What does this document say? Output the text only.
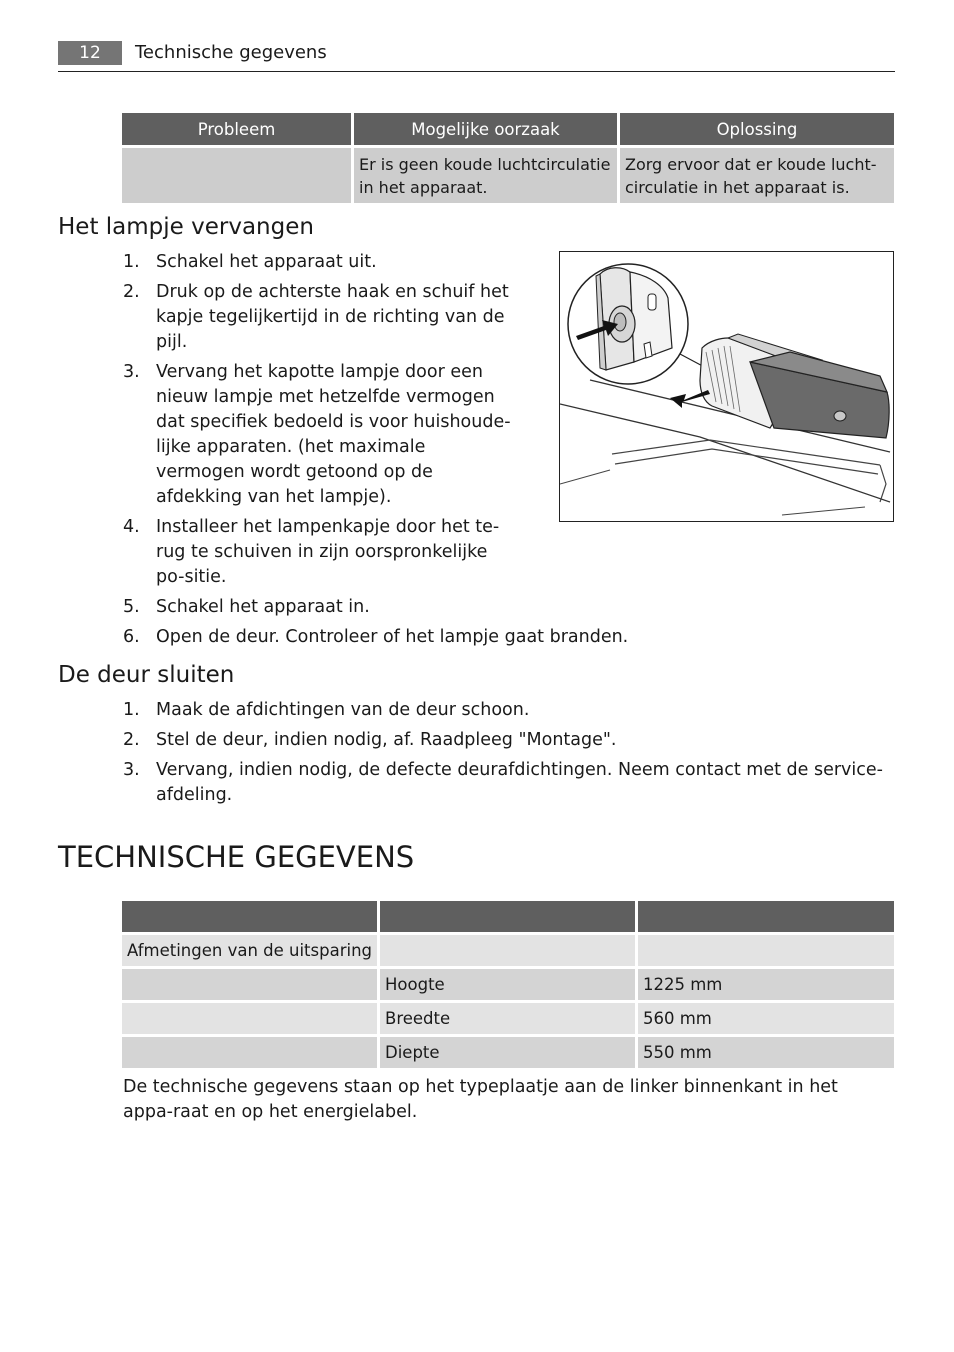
12	Technische gegevens
Probleem	Mogelijke oorzaak	Oplossing
	Er is geen koude luchtcirculatie in het apparaat.	Zorg ervoor dat er koude lucht-circulatie in het apparaat is.
Het lampje vervangen
1. Schakel het apparaat uit.
2. Druk op de achterste haak en schuif het kapje tegelijkertijd in de richting van de pijl.
3. Vervang het kapotte lampje door een nieuw lampje met hetzelfde vermogen dat specifiek bedoeld is voor huishoude-lijke apparaten. (het maximale vermogen wordt getoond op de afdekking van het lampje).
4. Installeer het lampenkapje door het te-rug te schuiven in zijn oorspronkelijke po-sitie.
5. Schakel het apparaat in.
6. Open de deur. Controleer of het lampje gaat branden.
De deur sluiten
1. Maak de afdichtingen van de deur schoon.
2. Stel de deur, indien nodig, af. Raadpleeg "Montage".
3. Vervang, indien nodig, de defecte deurafdichtingen. Neem contact met de service-afdeling.
TECHNISCHE GEGEVENS

Afmetingen van de uitsparing		
	Hoogte	1225 mm
	Breedte	560 mm
	Diepte	550 mm
De technische gegevens staan op het typeplaatje aan de linker binnenkant in het appa-raat en op het energielabel.
